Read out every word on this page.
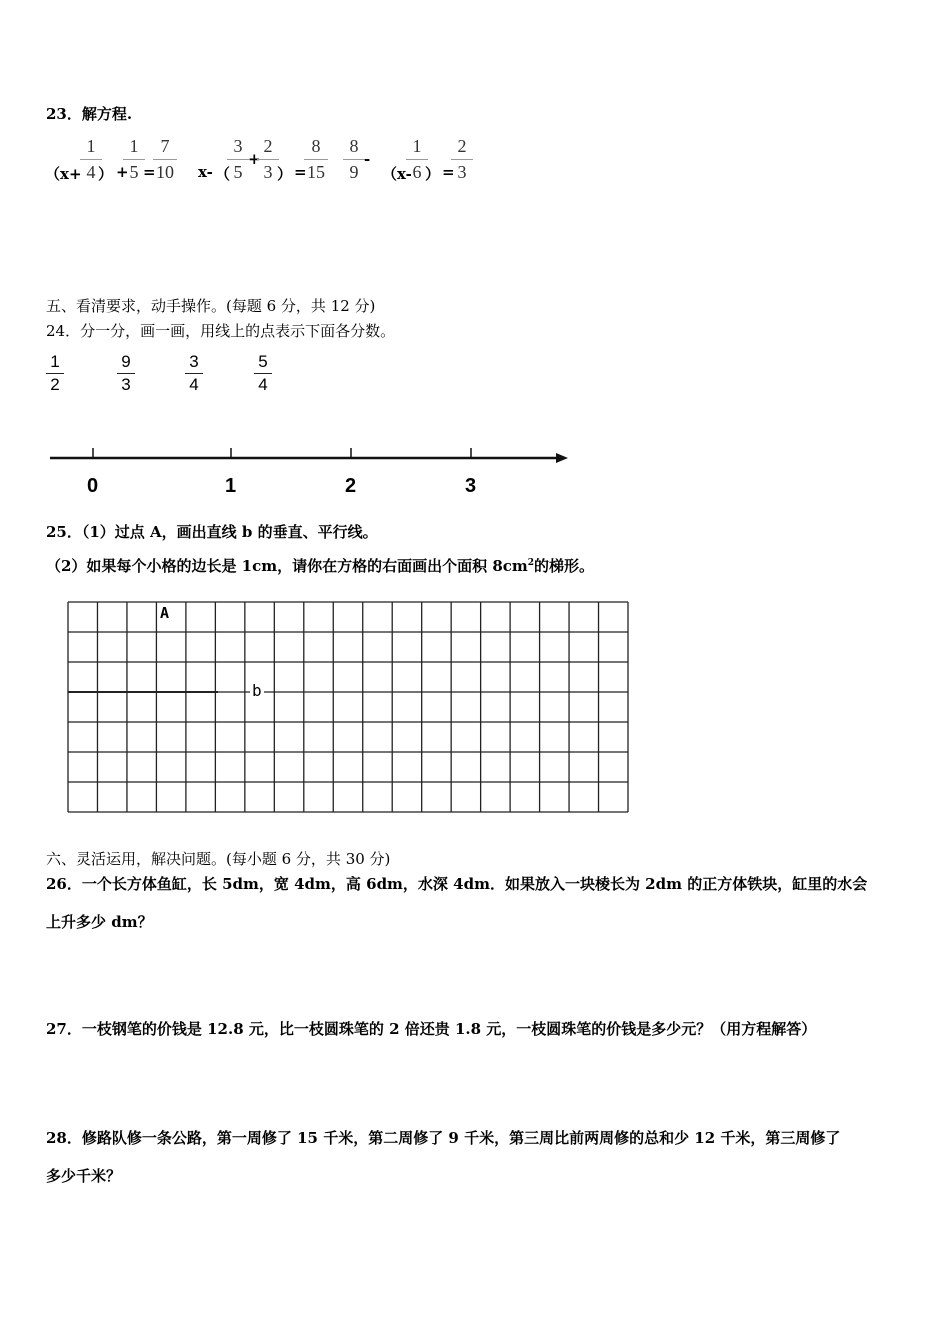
23．解方程.
（x+
1
4 ） +
1
5 =
7
10 x- （
3
5
+
2
3 ） =
8
15
8
9
-
（x-
1
6 ） =
2
3
五、看清要求，动手操作。(每题 6 分，共 12 分)
24．分一分，画一画，用线上的点表示下面各分数。
1
2
9
3
3
4
5
4
0	1	2	3
25．（1）过点 A，画出直线 b 的垂直、平行线。
（2）如果每个小格的边长是 1cm，请你在方格的右面画出个面积 $8cm^2$的梯形。
A
b
六、灵活运用，解决问题。(每小题 6 分，共 30 分)
26．一个长方体鱼缸，长 5dm，宽 4dm，高 6dm，水深 4dm．如果放入一块棱长为 2dm 的正方体铁块，缸里的水会
上升多少 dm？
27．一枝钢笔的价钱是 12.8 元，比一枝圆珠笔的 2 倍还贵 1.8 元，一枝圆珠笔的价钱是多少元？（用方程解答）
28．修路队修一条公路，第一周修了 15 千米，第二周修了 9 千米，第三周比前两周修的总和少 12 千米，第三周修了
多少千米？
